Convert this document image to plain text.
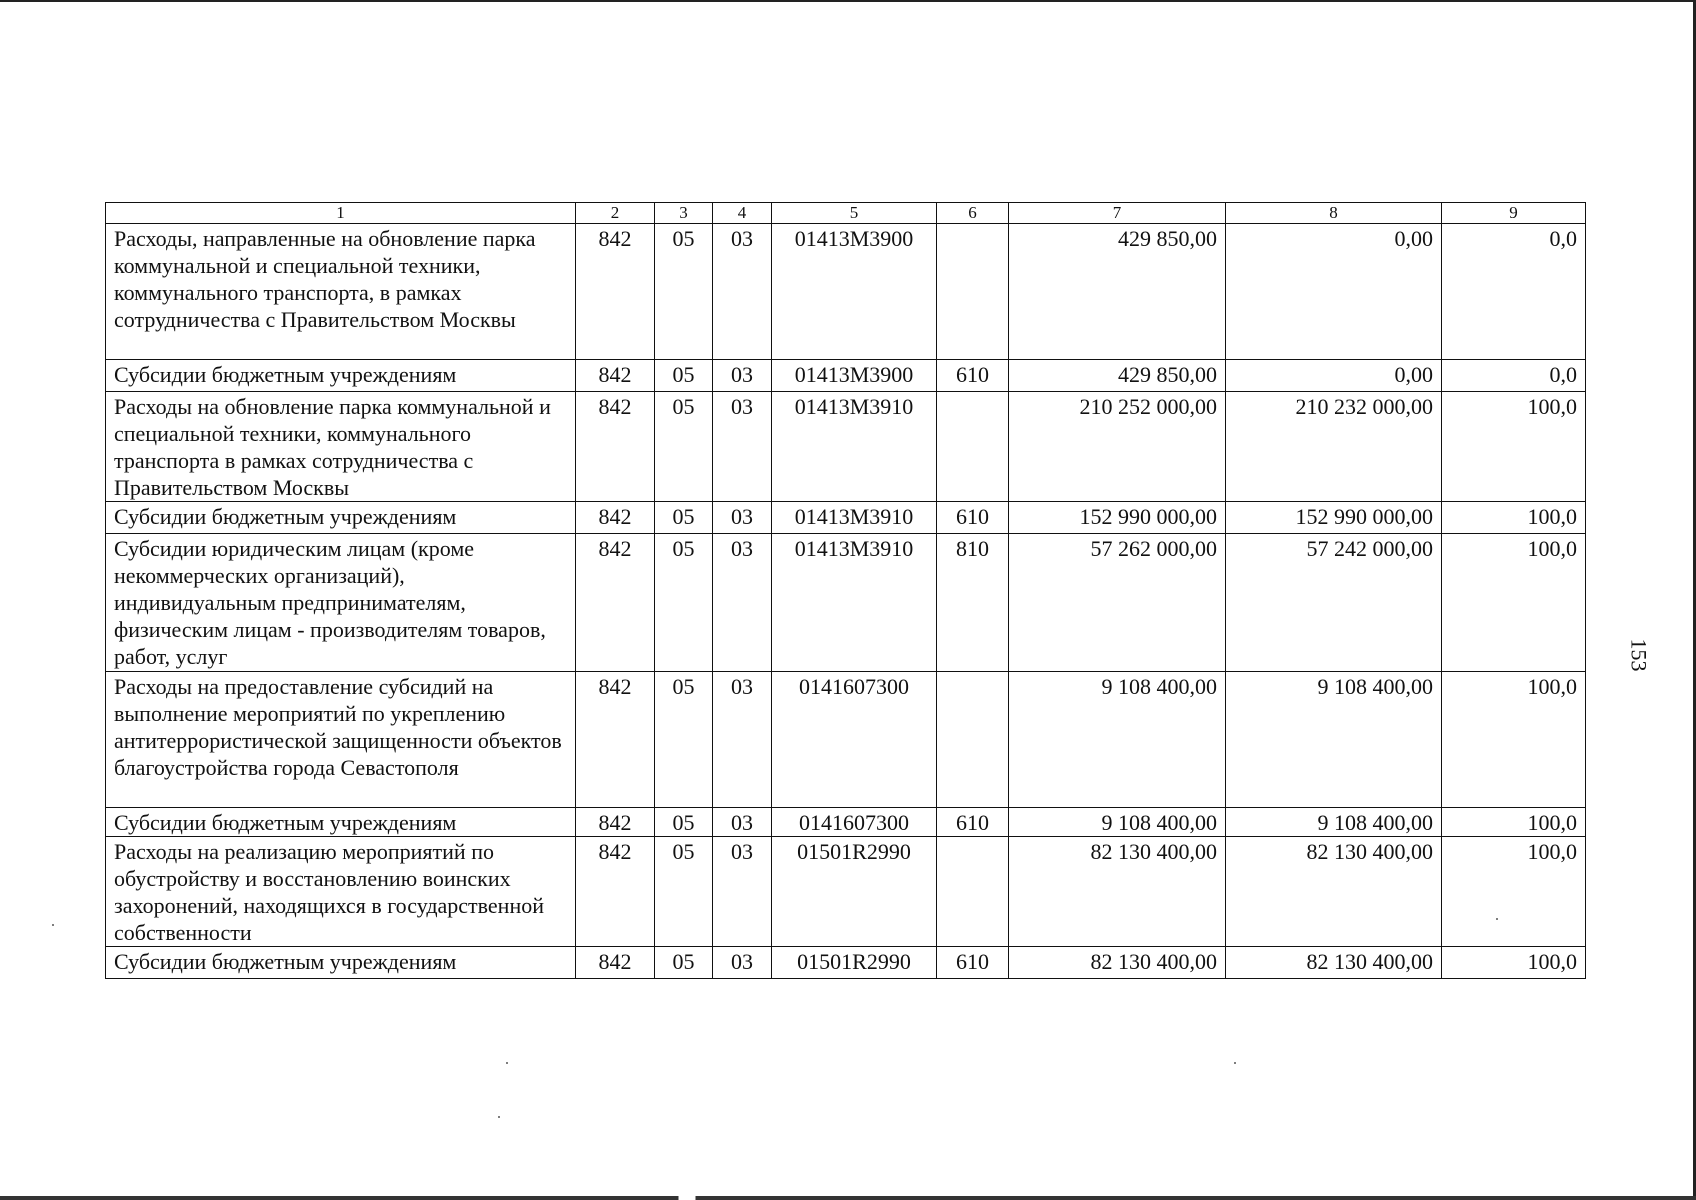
153
1	2	3	4	5	6	7	8	9
Расходы, направленные на обновление парка коммунальной и специальной техники, коммунального транспорта, в рамках сотрудничества с Правительством Москвы	842	05	03	01413M3900		429 850,00	0,00	0,0
Субсидии бюджетным учреждениям	842	05	03	01413M3900	610	429 850,00	0,00	0,0
Расходы на обновление парка коммунальной и специальной техники, коммунального транспорта в рамках сотрудничества с Правительством Москвы	842	05	03	01413M3910		210 252 000,00	210 232 000,00	100,0
Субсидии бюджетным учреждениям	842	05	03	01413M3910	610	152 990 000,00	152 990 000,00	100,0
Субсидии юридическим лицам (кроме некоммерческих организаций), индивидуальным предпринимателям, физическим лицам - производителям товаров, работ, услуг	842	05	03	01413M3910	810	57 262 000,00	57 242 000,00	100,0
Расходы на предоставление субсидий на выполнение мероприятий по укреплению антитеррористической защищенности объектов благоустройства города Севастополя	842	05	03	0141607300		9 108 400,00	9 108 400,00	100,0
Субсидии бюджетным учреждениям	842	05	03	0141607300	610	9 108 400,00	9 108 400,00	100,0
Расходы на реализацию мероприятий по обустройству и восстановлению воинских захоронений, находящихся в государственной собственности	842	05	03	01501R2990		82 130 400,00	82 130 400,00	100,0
Субсидии бюджетным учреждениям	842	05	03	01501R2990	610	82 130 400,00	82 130 400,00	100,0
